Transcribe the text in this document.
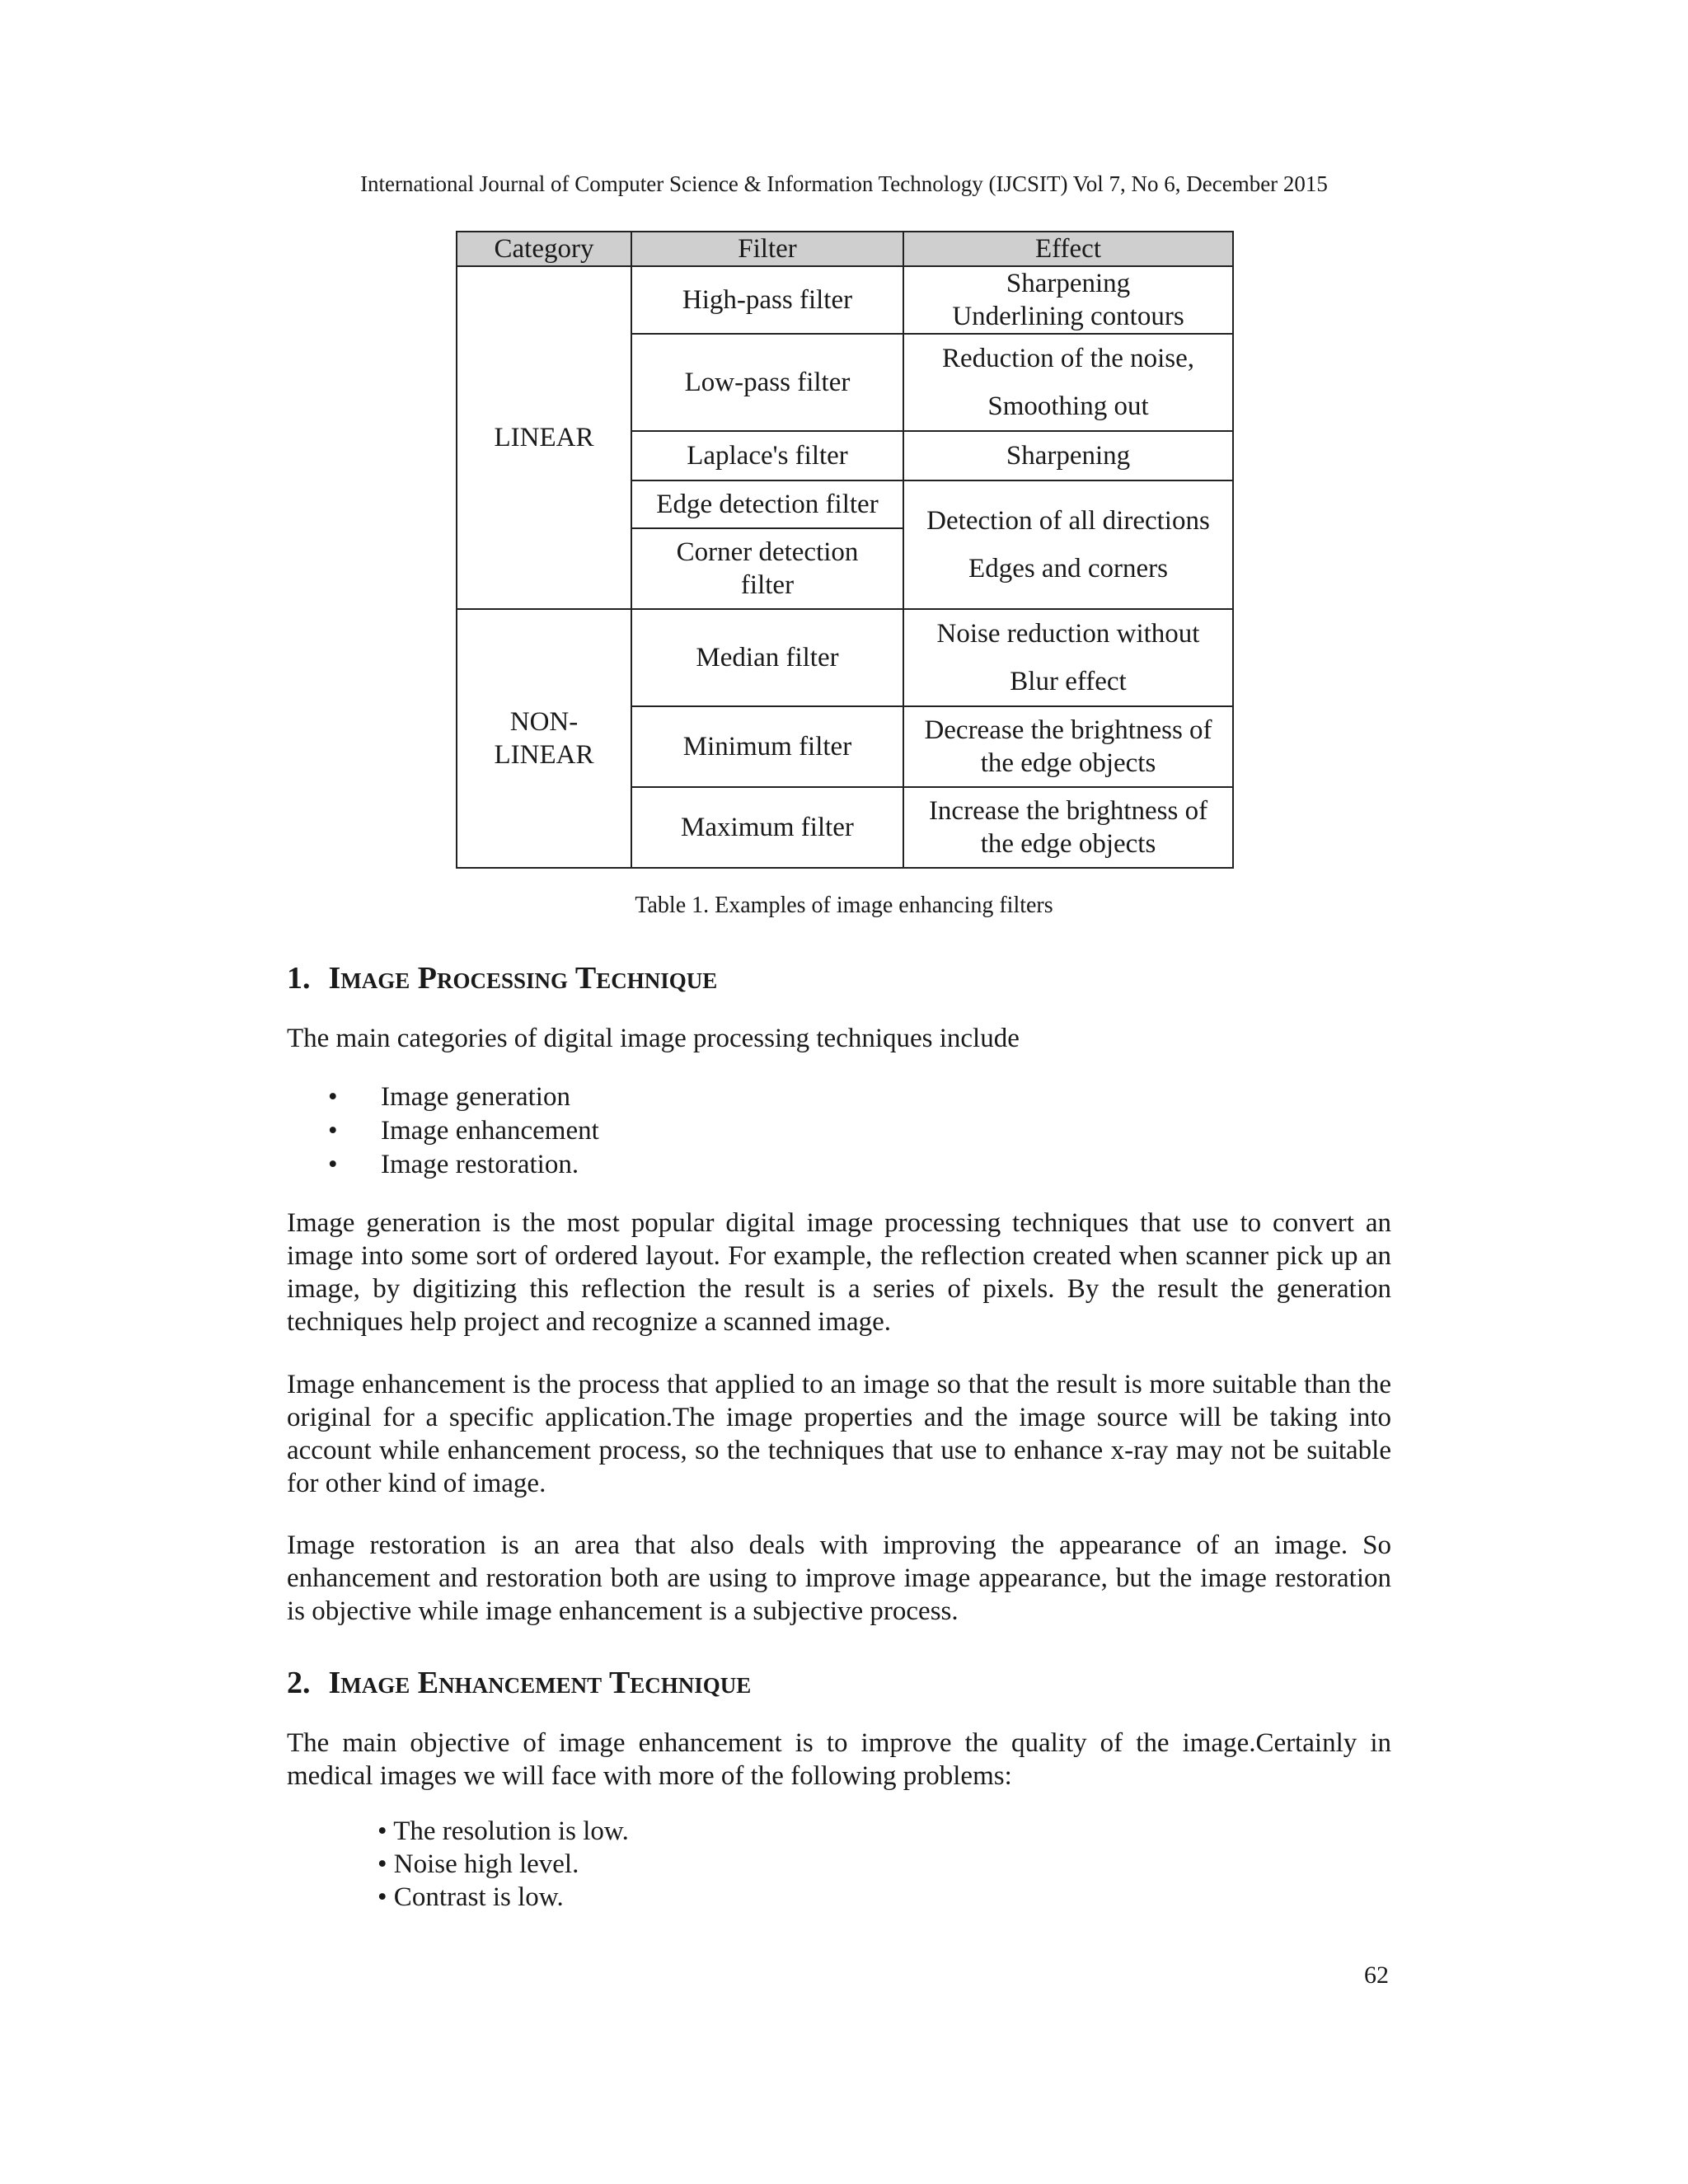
International Journal of Computer Science & Information Technology (IJCSIT) Vol 7, No 6, December 2015
Category	Filter	Effect
LINEAR	High-pass filter	Sharpening
Underlining contours

	Low-pass filter	Reduction of the noise,
Smoothing out

	Laplace's filter	Sharpening
	Edge detection filter	Detection of all directions
Edges and corners

	Corner detection
filter	

NON-
LINEAR	Median filter	Noise reduction without
Blur effect

	Minimum filter	Decrease the brightness of
the edge objects

	Maximum filter	Increase the brightness of
the edge objects
Table 1. Examples of image enhancing filters
1. Image Processing Technique

The main categories of digital image processing techniques include

•	Image generation
•	Image enhancement
•	Image restoration.

Image generation is the most popular digital image processing techniques that use to convert an image into some sort of ordered layout. For example, the reflection created when scanner pick up an image, by digitizing this reflection the result is a series of pixels. By the result the generation techniques help project and recognize a scanned image.

Image enhancement is the process that applied to an image so that the result is more suitable than the original for a specific application.The image properties and the image source will be taking into account while enhancement process, so the techniques that use to enhance x-ray may not be suitable for other kind of image.

Image restoration is an area that also deals with improving the appearance of an image. So enhancement and restoration both are using to improve image appearance, but the image restoration is objective while image enhancement is a subjective process.

2. Image Enhancement Technique

The main objective of image enhancement is to improve the quality of the image.Certainly in medical images we will face with more of the following problems:

• The resolution is low.
• Noise high level.
• Contrast is low.
62
